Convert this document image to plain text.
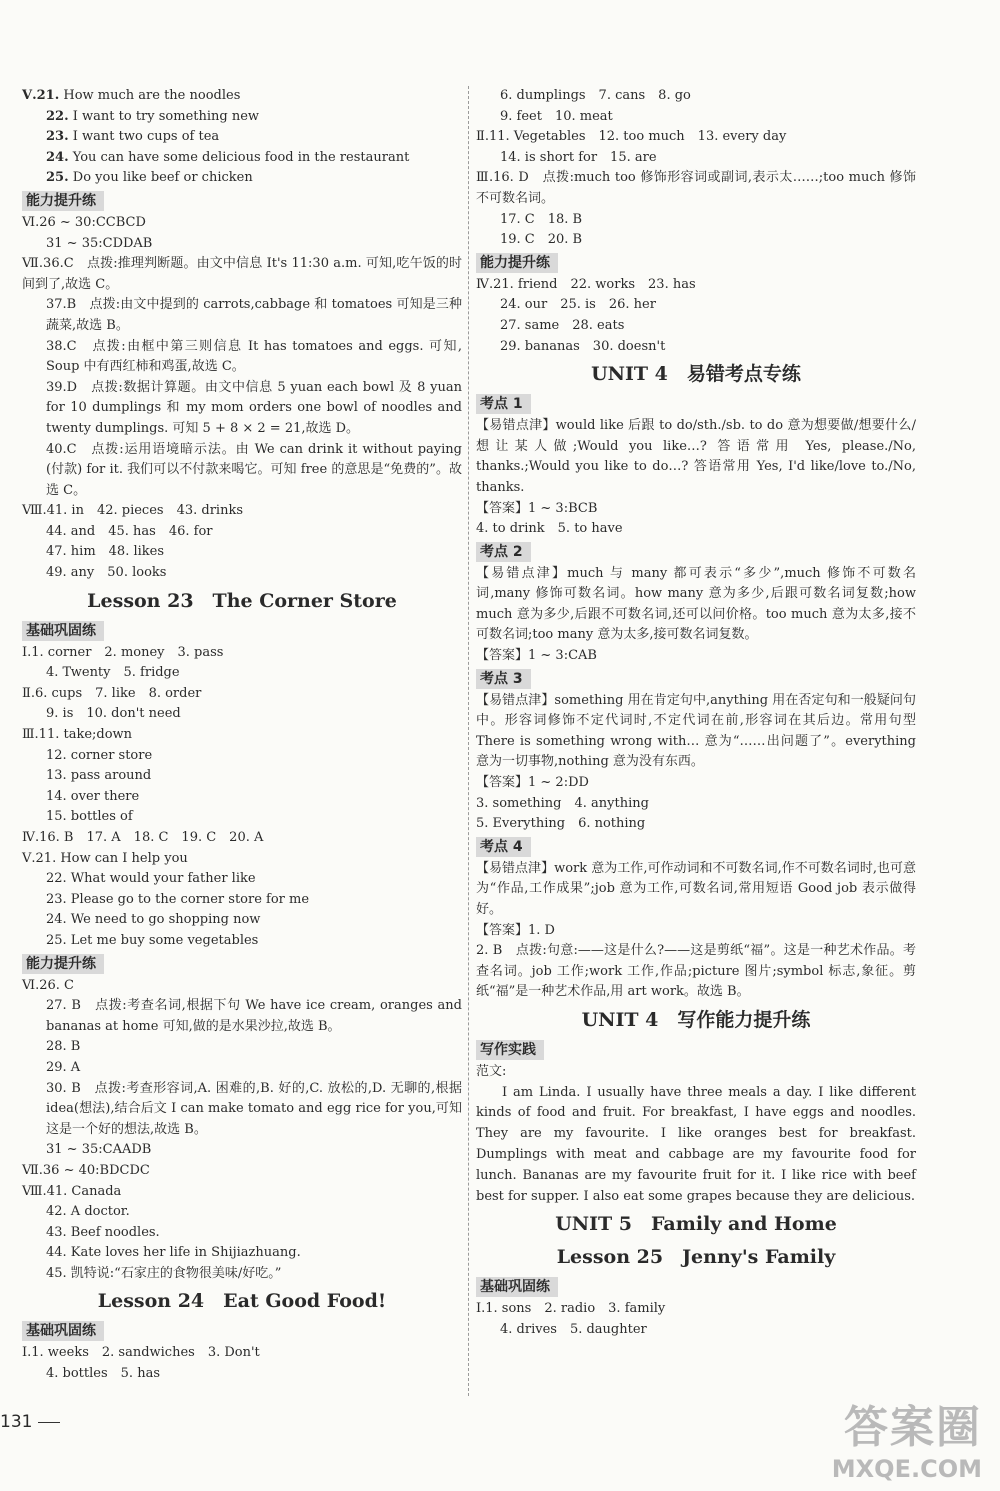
Ⅴ.21. How much are the noodles
22. I want to try something new
23. I want two cups of tea
24. You can have some delicious food in the restaurant
25. Do you like beef or chicken
能力提升练
Ⅵ.26 ~ 30:CCBCD
31 ~ 35:CDDAB
Ⅶ.36.C　点拨:推理判断题。由文中信息 It's 11:30 a.m. 可知,吃午饭的时间到了,故选 C。
37.B　点拨:由文中提到的 carrots,cabbage 和 tomatoes 可知是三种蔬菜,故选 B。
38.C　点拨:由框中第三则信息 It has tomatoes and eggs. 可知, Soup 中有西红柿和鸡蛋,故选 C。
39.D　点拨:数据计算题。由文中信息 5 yuan each bowl 及 8 yuan for 10 dumplings 和 my mom orders one bowl of noodles and twenty dumplings. 可知 5 + 8 × 2 = 21,故选 D。
40.C　点拨:运用语境暗示法。由 We can drink it without paying (付款) for it. 我们可以不付款来喝它。可知 free 的意思是“免费的”。故选 C。
Ⅷ.41. in　42. pieces　43. drinks
44. and　45. has　46. for
47. him　48. likes
49. any　50. looks
Lesson 23　The Corner Store
基础巩固练
Ⅰ.1. corner　2. money　3. pass
4. Twenty　5. fridge
Ⅱ.6. cups　7. like　8. order
9. is　10. don't need
Ⅲ.11. take;down
12. corner store
13. pass around
14. over there
15. bottles of
Ⅳ.16. B　17. A　18. C　19. C　20. A
Ⅴ.21. How can I help you
22. What would your father like
23. Please go to the corner store for me
24. We need to go shopping now
25. Let me buy some vegetables
能力提升练
Ⅵ.26. C
27. B　点拨:考查名词,根据下句 We have ice cream, oranges and bananas at home 可知,做的是水果沙拉,故选 B。
28. B
29. A
30. B　点拨:考查形容词,A. 困难的,B. 好的,C. 放松的,D. 无聊的,根据 idea(想法),结合后文 I can make tomato and egg rice for you,可知这是一个好的想法,故选 B。
31 ~ 35:CAADB
Ⅶ.36 ~ 40:BDCDC
Ⅷ.41. Canada
42. A doctor.
43. Beef noodles.
44. Kate loves her life in Shijiazhuang.
45. 凯特说:“石家庄的食物很美味/好吃。”
Lesson 24　Eat Good Food!
基础巩固练
Ⅰ.1. weeks　2. sandwiches　3. Don't
4. bottles　5. has
6. dumplings　7. cans　8. go
9. feet　10. meat
Ⅱ.11. Vegetables　12. too much　13. every day
14. is short for　15. are
Ⅲ.16. D　点拨:much too 修饰形容词或副词,表示太……;too much 修饰不可数名词。
17. C　18. B
19. C　20. B
能力提升练
Ⅳ.21. friend　22. works　23. has
24. our　25. is　26. her
27. same　28. eats
29. bananas　30. doesn't
UNIT 4　易错考点专练
考点 1
【易错点津】would like 后跟 to do/sth./sb. to do 意为想要做/想要什么/想让某人做;Would you like…? 答语常用 Yes, please./No, thanks.;Would you like to do…? 答语常用 Yes, I'd like/love to./No, thanks.
【答案】1 ~ 3:BCB
4. to drink　5. to have
考点 2
【易错点津】much 与 many 都可表示“多少”,much 修饰不可数名词,many 修饰可数名词。how many 意为多少,后跟可数名词复数;how much 意为多少,后跟不可数名词,还可以问价格。too much 意为太多,接不可数名词;too many 意为太多,接可数名词复数。
【答案】1 ~ 3:CAB
考点 3
【易错点津】something 用在肯定句中,anything 用在否定句和一般疑问句中。形容词修饰不定代词时,不定代词在前,形容词在其后边。常用句型 There is something wrong with… 意为“……出问题了”。everything 意为一切事物,nothing 意为没有东西。
【答案】1 ~ 2:DD
3. something　4. anything
5. Everything　6. nothing
考点 4
【易错点津】work 意为工作,可作动词和不可数名词,作不可数名词时,也可意为“作品,工作成果”;job 意为工作,可数名词,常用短语 Good job 表示做得好。
【答案】1. D
2. B　点拨:句意:——这是什么?——这是剪纸“福”。这是一种艺术作品。考查名词。job 工作;work 工作,作品;picture 图片;symbol 标志,象征。剪纸“福”是一种艺术作品,用 art work。故选 B。
UNIT 4　写作能力提升练
写作实践
范文:
I am Linda. I usually have three meals a day. I like different kinds of food and fruit. For breakfast, I have eggs and noodles. They are my favourite. I like oranges best for breakfast. Dumplings with meat and cabbage are my favourite food for lunch. Bananas are my favourite fruit for it. I like rice with beef best for supper. I also eat some grapes because they are delicious.
UNIT 5　Family and Home
Lesson 25　Jenny's Family
基础巩固练
Ⅰ.1. sons　2. radio　3. family
4. drives　5. daughter
131	答案圈
MXQE.COM
